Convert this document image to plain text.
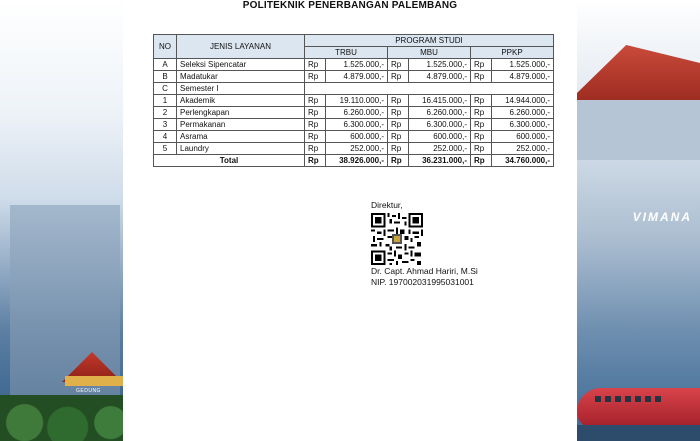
GEDUNG
VIMANA
POLITEKNIK PENERBANGAN PALEMBANG
NO	JENIS LAYANAN	PROGRAM STUDI					
		TRBU		MBU		PPKP	
A	Seleksi Sipencatar	Rp	1.525.000,-	Rp	1.525.000,-	Rp	1.525.000,-
B	Madatukar	Rp	4.879.000,-	Rp	4.879.000,-	Rp	4.879.000,-
C	Semester I						
1	Akademik	Rp	19.110.000,-	Rp	16.415.000,-	Rp	14.944.000,-
2	Perlengkapan	Rp	6.260.000,-	Rp	6.260.000,-	Rp	6.260.000,-
3	Permakanan	Rp	6.300.000,-	Rp	6.300.000,-	Rp	6.300.000,-
4	Asrama	Rp	600.000,-	Rp	600.000,-	Rp	600.000,-
5	Laundry	Rp	252.000,-	Rp	252.000,-	Rp	252.000,-
Total		Rp	38.926.000,-	Rp	36.231.000,-	Rp	34.760.000,-
Direktur,
Dr. Capt. Ahmad Hariri, M.Si
NIP. 197002031995031001
